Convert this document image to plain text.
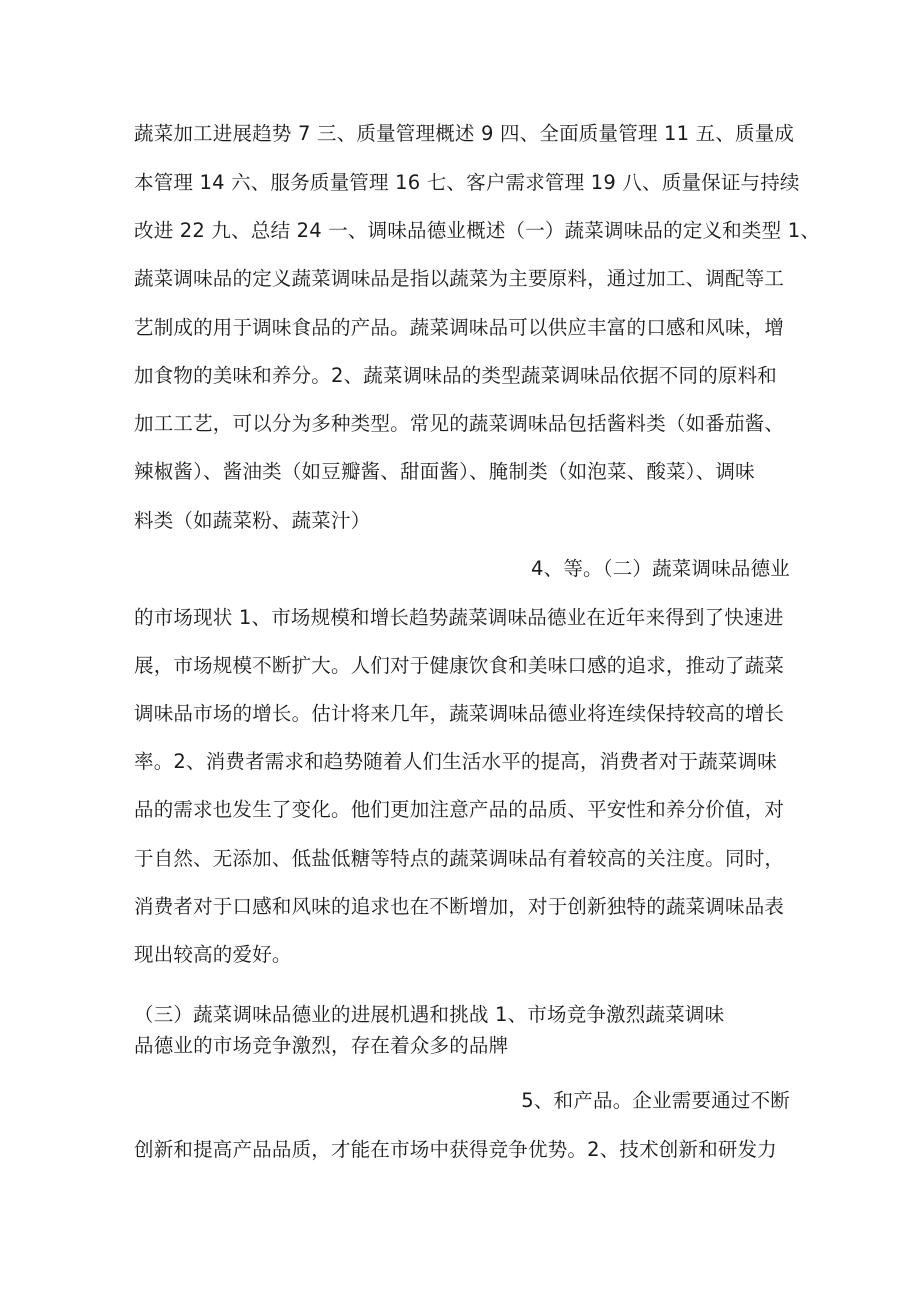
蔬菜加工进展趋势 7 三、质量管理概述 9 四、全面质量管理 11 五、质量成
本管理 14 六、服务质量管理 16 七、客户需求管理 19 八、质量保证与持续
改进 22 九、总结 24 一、调味品德业概述（一）蔬菜调味品的定义和类型 1、
蔬菜调味品的定义蔬菜调味品是指以蔬菜为主要原料，通过加工、调配等工
艺制成的用于调味食品的产品。蔬菜调味品可以供应丰富的口感和风味，增
加食物的美味和养分。2、蔬菜调味品的类型蔬菜调味品依据不同的原料和
加工工艺，可以分为多种类型。常见的蔬菜调味品包括酱料类（如番茄酱、
辣椒酱）、酱油类（如豆瓣酱、甜面酱）、腌制类（如泡菜、酸菜）、调味
料类（如蔬菜粉、蔬菜汁）
4、等。（二）蔬菜调味品德业
的市场现状 1、市场规模和增长趋势蔬菜调味品德业在近年来得到了快速进
展，市场规模不断扩大。人们对于健康饮食和美味口感的追求，推动了蔬菜
调味品市场的增长。估计将来几年，蔬菜调味品德业将连续保持较高的增长
率。2、消费者需求和趋势随着人们生活水平的提高，消费者对于蔬菜调味
品的需求也发生了变化。他们更加注意产品的品质、平安性和养分价值，对
于自然、无添加、低盐低糖等特点的蔬菜调味品有着较高的关注度。同时，
消费者对于口感和风味的追求也在不断增加，对于创新独特的蔬菜调味品表
现出较高的爱好。
（三）蔬菜调味品德业的进展机遇和挑战 1、市场竞争激烈蔬菜调味
品德业的市场竞争激烈，存在着众多的品牌
5、和产品。企业需要通过不断
创新和提高产品品质，才能在市场中获得竞争优势。2、技术创新和研发力
